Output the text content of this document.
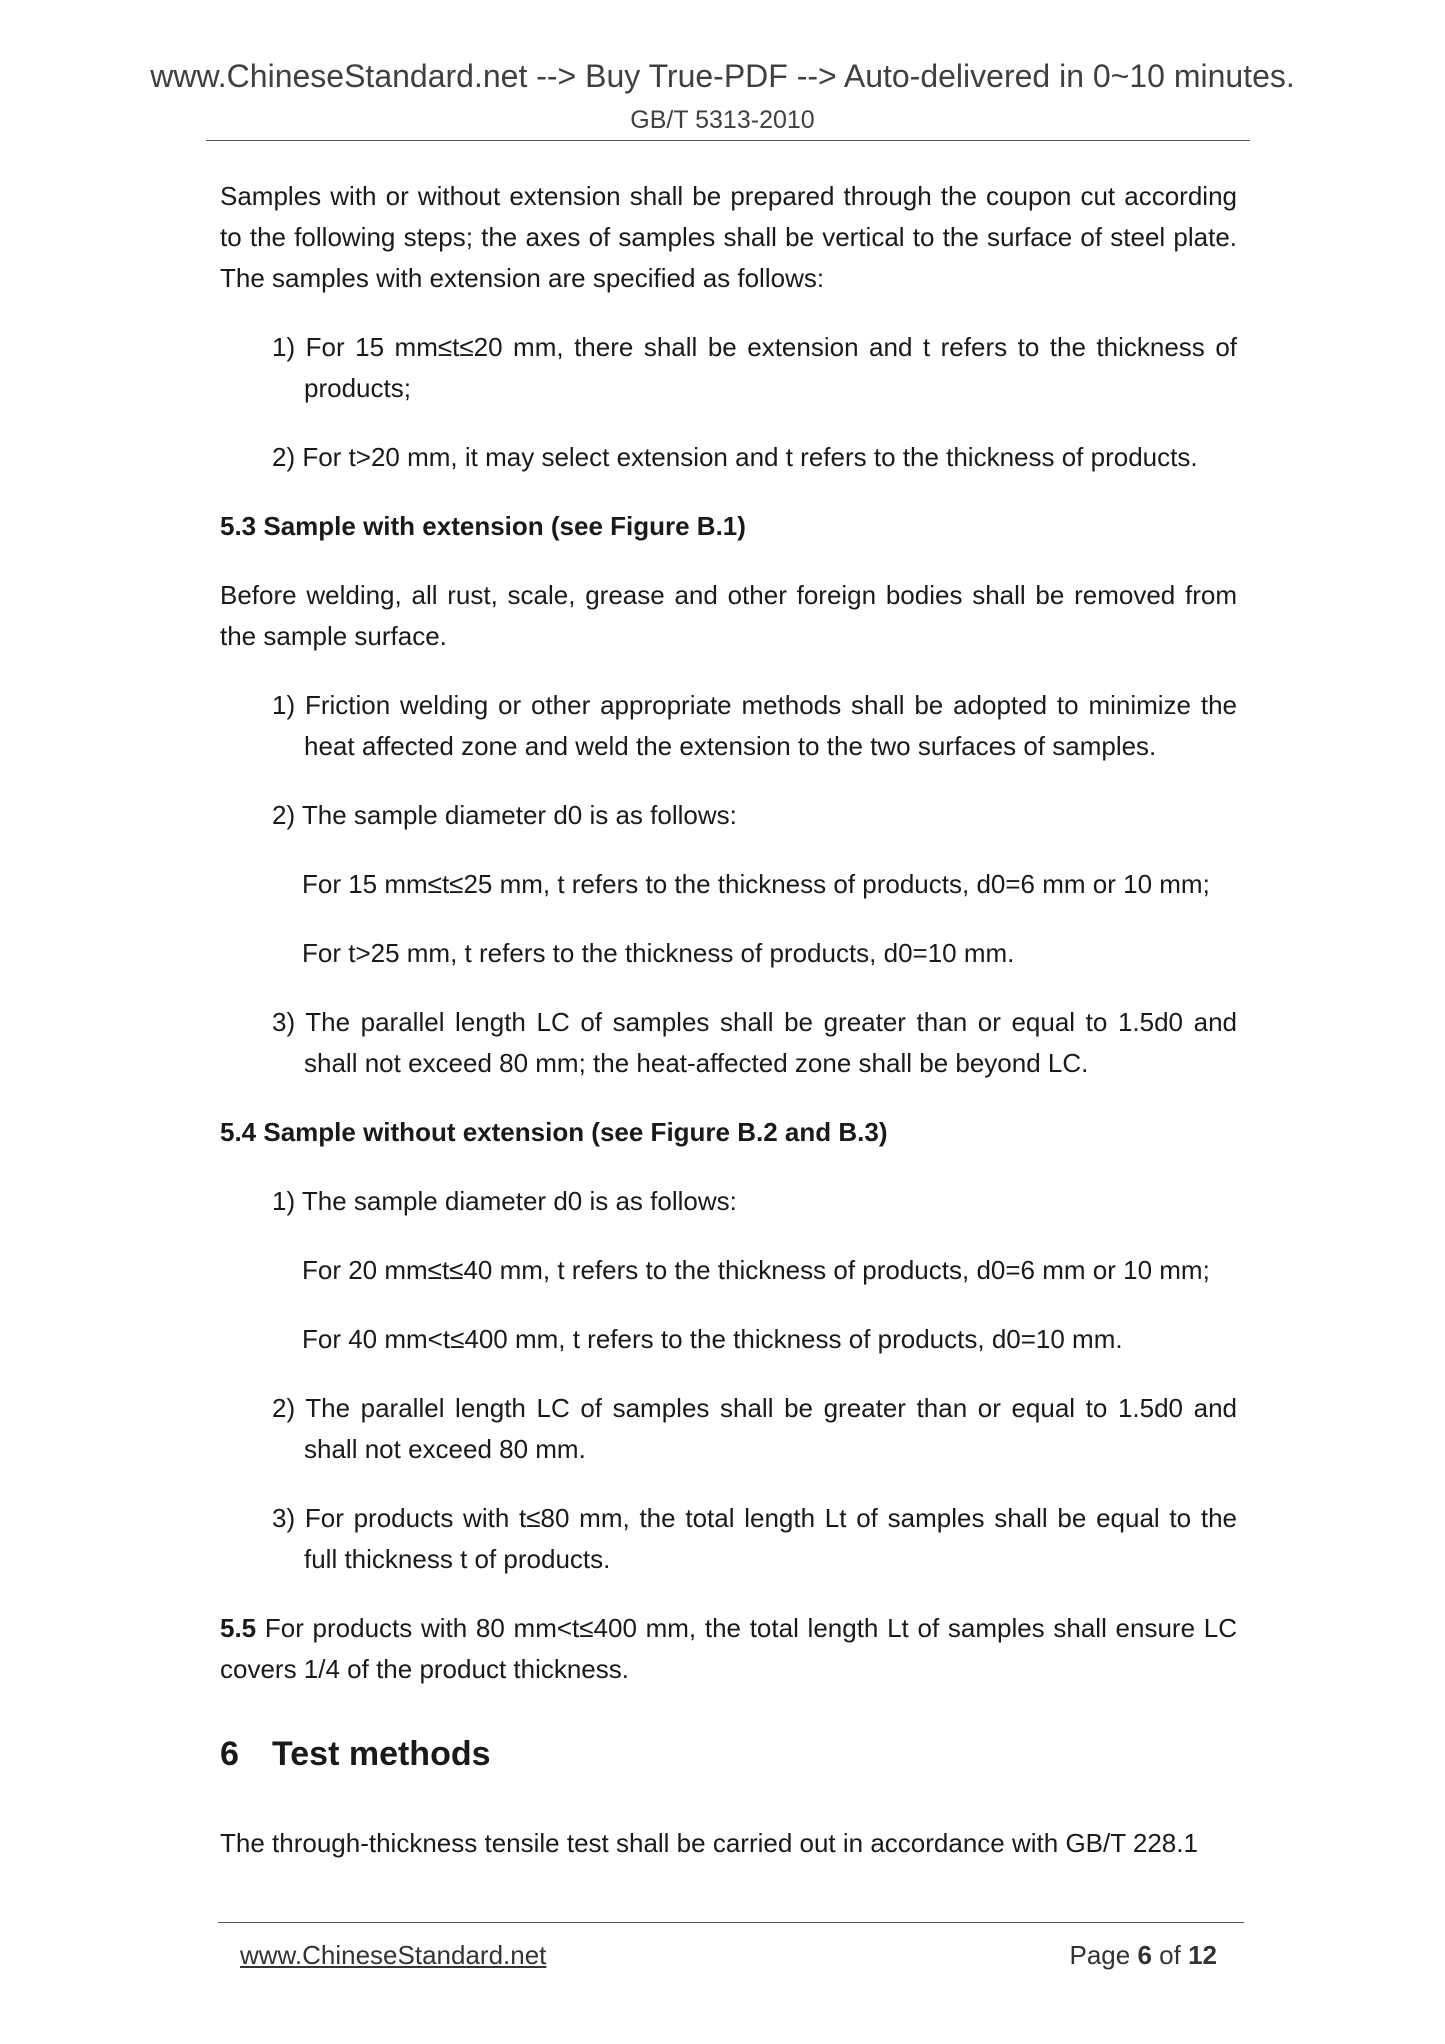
www.ChineseStandard.net --> Buy True-PDF --> Auto-delivered in 0~10 minutes.
GB/T 5313-2010

Samples with or without extension shall be prepared through the coupon cut according to the following steps; the axes of samples shall be vertical to the surface of steel plate. The samples with extension are specified as follows:

1) For 15 mm≤t≤20 mm, there shall be extension and t refers to the thickness of products;

2) For t>20 mm, it may select extension and t refers to the thickness of products.

5.3 Sample with extension (see Figure B.1)

Before welding, all rust, scale, grease and other foreign bodies shall be removed from the sample surface.

1) Friction welding or other appropriate methods shall be adopted to minimize the heat affected zone and weld the extension to the two surfaces of samples.

2) The sample diameter d0 is as follows:

For 15 mm≤t≤25 mm, t refers to the thickness of products, d0=6 mm or 10 mm;

For t>25 mm, t refers to the thickness of products, d0=10 mm.

3) The parallel length LC of samples shall be greater than or equal to 1.5d0 and shall not exceed 80 mm; the heat-affected zone shall be beyond LC.

5.4 Sample without extension (see Figure B.2 and B.3)

1) The sample diameter d0 is as follows:

For 20 mm≤t≤40 mm, t refers to the thickness of products, d0=6 mm or 10 mm;

For 40 mm<t≤400 mm, t refers to the thickness of products, d0=10 mm.

2) The parallel length LC of samples shall be greater than or equal to 1.5d0 and shall not exceed 80 mm.

3) For products with t≤80 mm, the total length Lt of samples shall be equal to the full thickness t of products.

5.5 For products with 80 mm<t≤400 mm, the total length Lt of samples shall ensure LC covers 1/4 of the product thickness.

6 Test methods

The through-thickness tensile test shall be carried out in accordance with GB/T 228.1

www.ChineseStandard.net	Page 6 of 12
